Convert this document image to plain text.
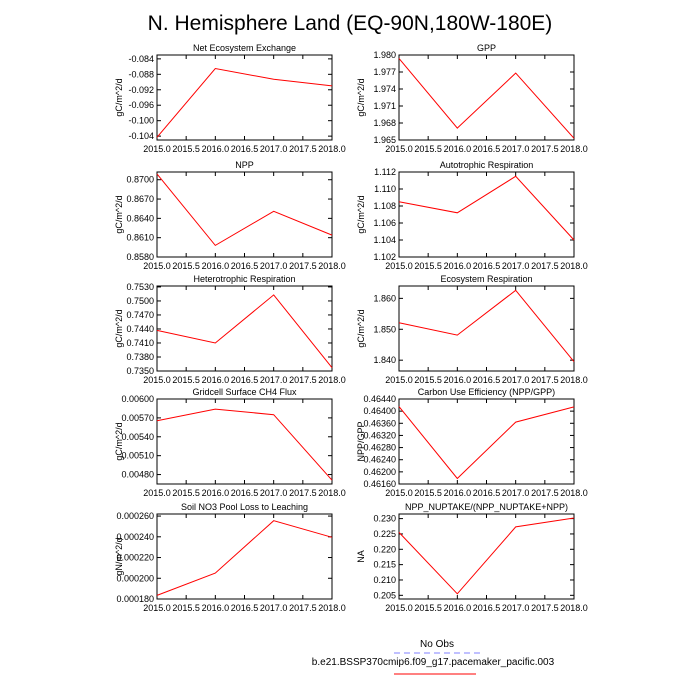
N. Hemisphere Land (EQ-90N,180W-180E)
Net Ecosystem Exchange
2015.0 2015.5 2016.0 2016.5 2017.0 2017.5 2018.0
-0.084
-0.088
-0.092
-0.096
-0.100
-0.104
gC/m^2/d
GPP
2015.0 2015.5 2016.0 2016.5 2017.0 2017.5 2018.0
1.980
1.977
1.974
1.971
1.968
1.965
gC/m^2/d
NPP
2015.0 2015.5 2016.0 2016.5 2017.0 2017.5 2018.0
0.8700
0.8670
0.8640
0.8610
0.8580
gC/m^2/d
Autotrophic Respiration
2015.0 2015.5 2016.0 2016.5 2017.0 2017.5 2018.0
1.112
1.110
1.108
1.106
1.104
1.102
gC/m^2/d
Heterotrophic Respiration
2015.0 2015.5 2016.0 2016.5 2017.0 2017.5 2018.0
0.7530
0.7500
0.7470
0.7440
0.7410
0.7380
0.7350
gC/m^2/d
Ecosystem Respiration
2015.0 2015.5 2016.0 2016.5 2017.0 2017.5 2018.0
1.860
1.850
1.840
gC/m^2/d
Gridcell Surface CH4 Flux
2015.0 2015.5 2016.0 2016.5 2017.0 2017.5 2018.0
0.00600
0.00570
0.00540
0.00510
0.00480
gC/m^2/d
Carbon Use Efficiency (NPP/GPP)
2015.0 2015.5 2016.0 2016.5 2017.0 2017.5 2018.0
0.46440
0.46400
0.46360
0.46320
0.46280
0.46240
0.46200
0.46160
NPP/GPP
Soil NO3 Pool Loss to Leaching
2015.0 2015.5 2016.0 2016.5 2017.0 2017.5 2018.0
0.000260
0.000240
0.000220
0.000200
0.000180
gN/m^2/d
NPP_NUPTAKE/(NPP_NUPTAKE+NPP)
2015.0 2015.5 2016.0 2016.5 2017.0 2017.5 2018.0
0.230
0.225
0.220
0.215
0.210
0.205
NA
No Obs
b.e21.BSSP370cmip6.f09_g17.pacemaker_pacific.003
